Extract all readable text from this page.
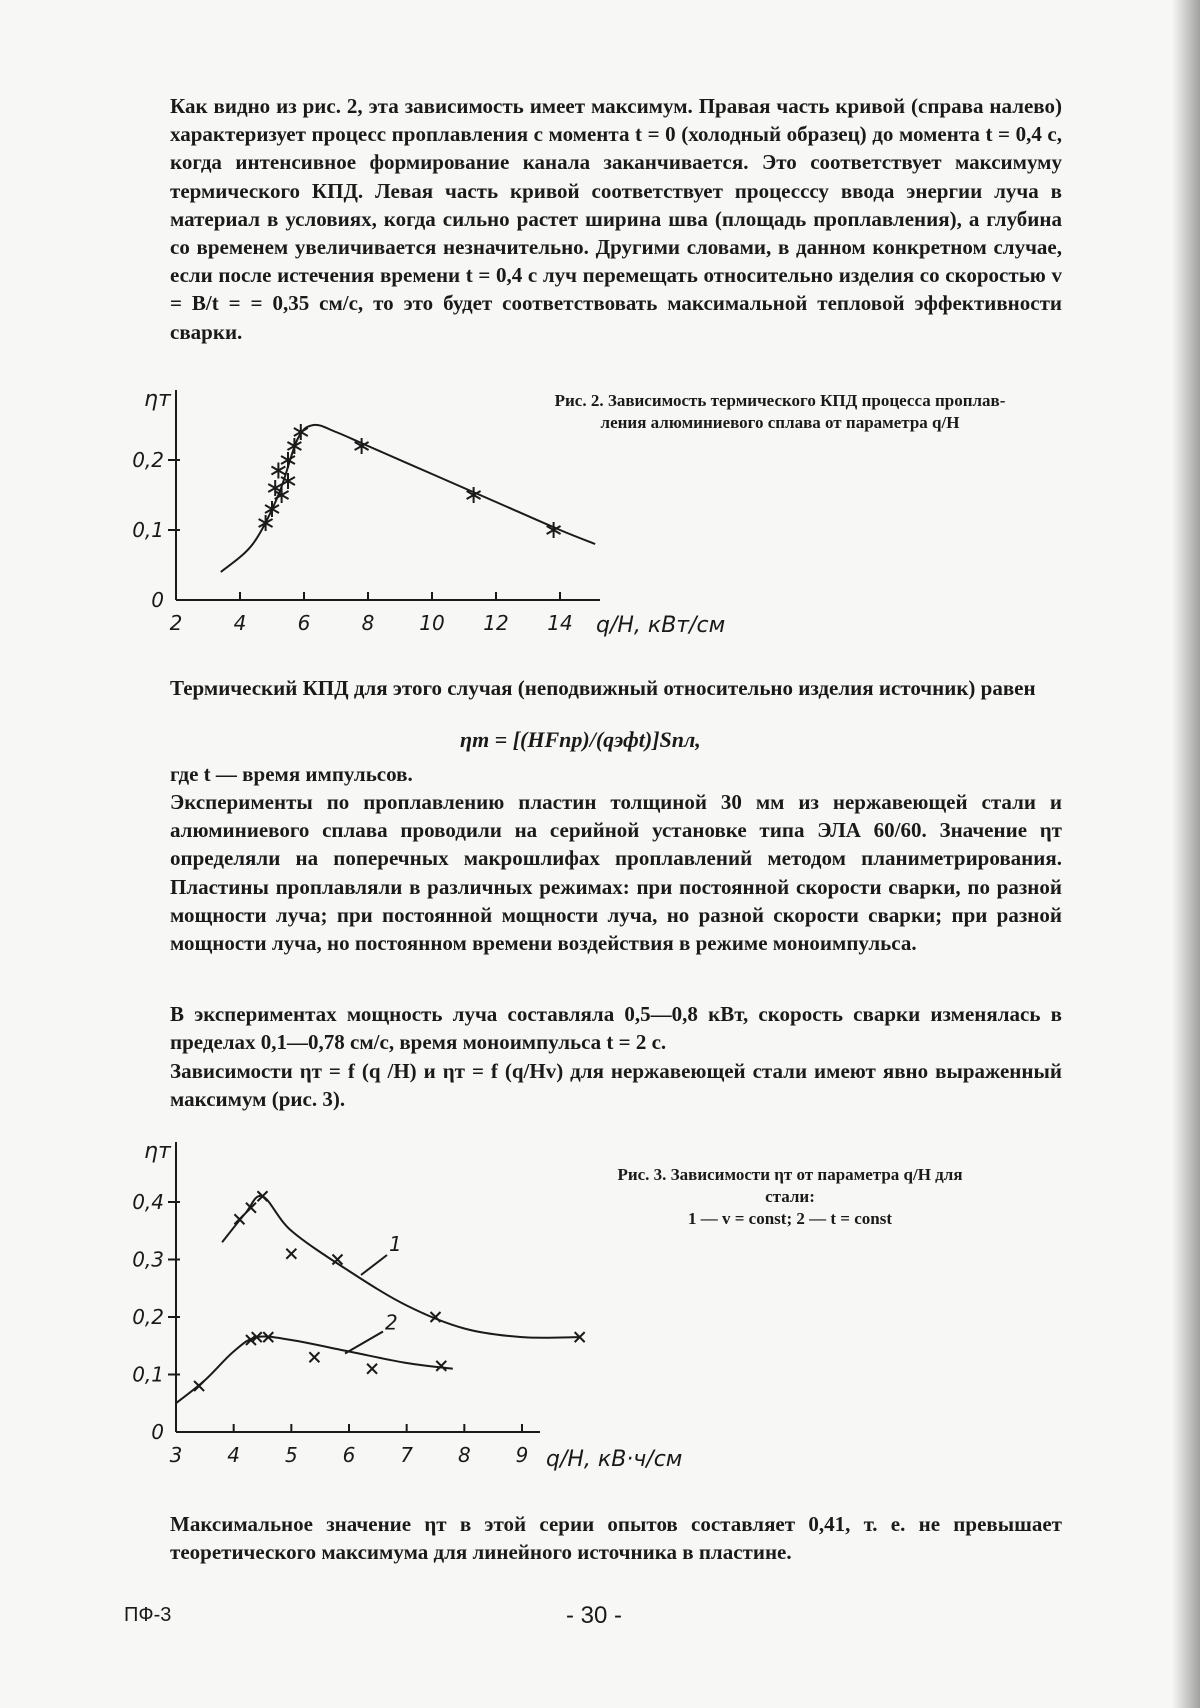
Как видно из рис. 2, эта зависимость имеет максимум. Правая часть кривой (справа налево) характеризует процесс проплавления с момента t = 0 (холодный образец) до момента t = 0,4 с, когда интенсивное формирование канала заканчивается. Это соответствует максимуму термического КПД. Левая часть кривой соответствует процесссу ввода энергии луча в материал в условиях, когда сильно растет ширина шва (площадь проплавления), а глубина со временем увеличивается незначительно. Другими словами, в данном конкретном случае, если после истечения времени t = 0,4 с луч перемещать относительно изделия со скоростью v = B/t = = 0,35 см/с, то это будет соответствовать максимальной тепловой эффективности сварки.

2	4	6	8 10 12 14
0
0,1
0,2
ηт
q/H, кВт/см
Рис. 2. Зависимость термического КПД процесса проплав-
ления алюминиевого сплава от параметра q/H

Термический КПД для этого случая (неподвижный относительно изделия источник) равен

ηт = [(HFпр)/(qэфt)]Sпл,

где t — время импульсов.

Эксперименты по проплавлению пластин толщиной 30 мм из нержавеющей стали и алюминиевого сплава проводили на серийной установке типа ЭЛА 60/60. Значение ηт определяли на поперечных макрошлифах проплавлений методом планиметрирования. Пластины проплавляли в различных режимах: при постоянной скорости сварки, по разной мощности луча; при постоянной мощности луча, но разной скорости сварки; при разной мощности луча, но постоянном времени воздействия в режиме моноимпульса.

В экспериментах мощность луча составляла 0,5—0,8 кВт, скорость сварки изменялась в пределах 0,1—0,78 см/с, время моноимпульса t = 2 с.

Зависимости ηт = f (q /H) и ηт = f (q/Hv) для нержавеющей стали имеют явно выраженный максимум (рис. 3).

3 4 5 6 7 8 9
0
0,1
0,2
0,3
0,4
ηт
q/H, кВ·ч/см
1
2
Рис. 3. Зависимости ηт от параметра q/H для
стали:
1 — v = const; 2 — t = const

Максимальное значение ηт в этой серии опытов составляет 0,41, т. е. не превышает теоретического максимума для линейного источника в пластине.

ПФ-3	- 30 -
